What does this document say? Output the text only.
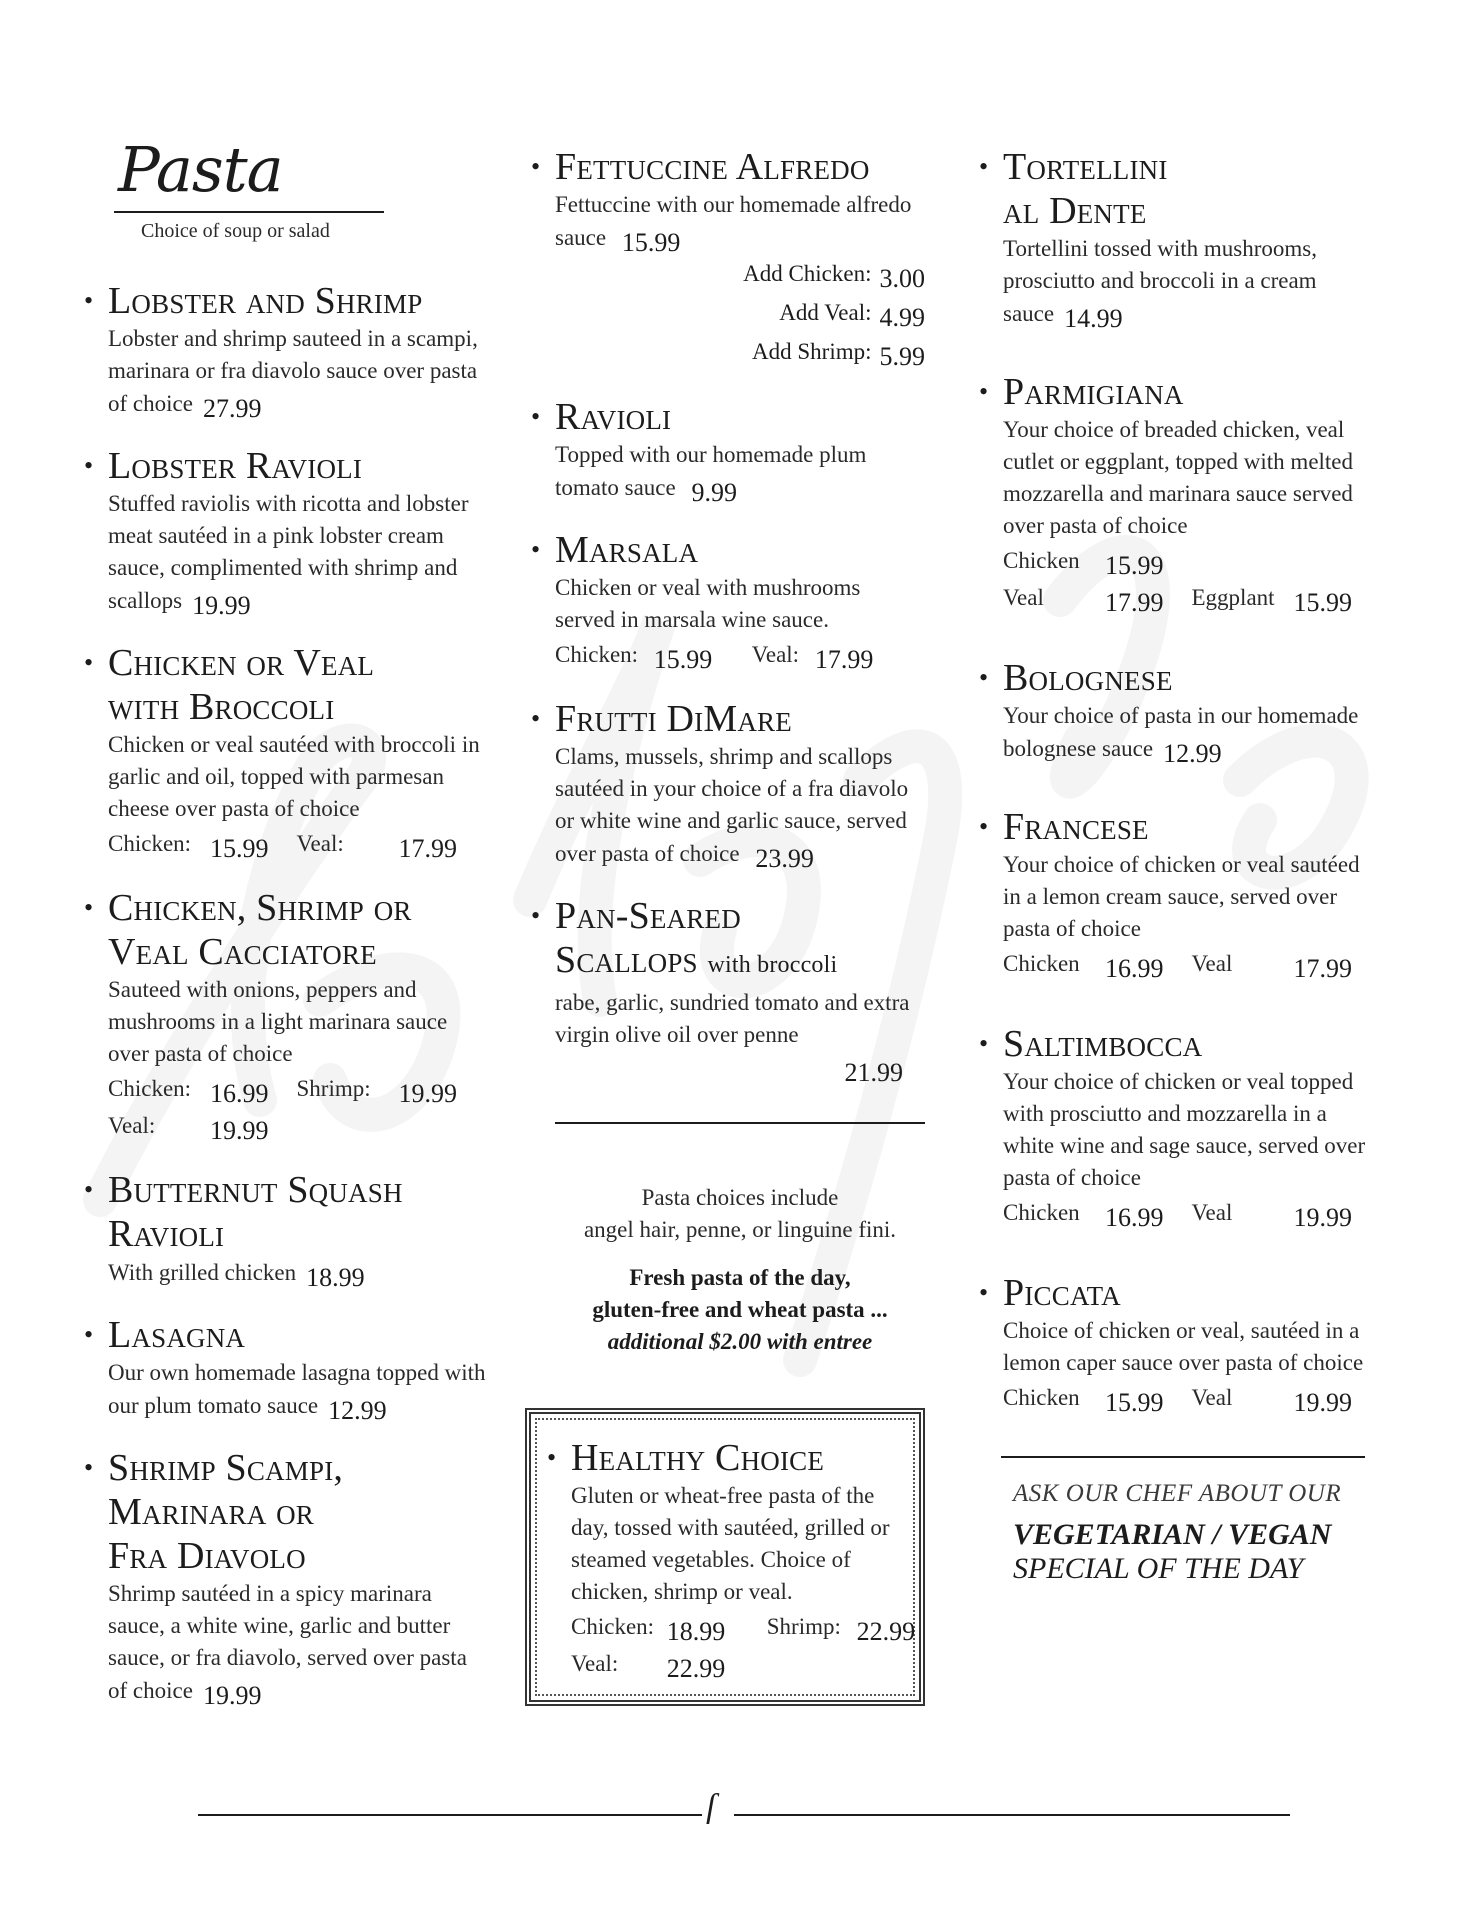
Pasta
Choice of soup or salad
• Lobster and Shrimp
Lobster and shrimp sauteed in a scampi, marinara or fra diavolo sauce over pasta of choice 27.99
• Lobster Ravioli
Stuffed raviolis with ricotta and lobster meat sautéed in a pink lobster cream sauce, complimented with shrimp and scallops 19.99
• Chicken or Veal
with Broccoli
Chicken or veal sautéed with broccoli in garlic and oil, topped with parmesan cheese over pasta of choice
Chicken: 15.99 Veal: 17.99
• Chicken, Shrimp or
Veal Cacciatore
Sauteed with onions, peppers and mushrooms in a light marinara sauce over pasta of choice
Chicken: 16.99 Shrimp: 19.99
Veal: 19.99
• Butternut Squash
Ravioli
With grilled chicken 18.99
• Lasagna
Our own homemade lasagna topped with our plum tomato sauce 12.99
• Shrimp Scampi,
Marinara or
Fra Diavolo
Shrimp sautéed in a spicy marinara sauce, a white wine, garlic and butter sauce, or fra diavolo, served over pasta of choice 19.99
• Fettuccine Alfredo
Fettuccine with our homemade alfredo sauce 15.99
Add Chicken: 3.00
Add Veal: 4.99
Add Shrimp: 5.99
• Ravioli
Topped with our homemade plum tomato sauce 9.99
• Marsala
Chicken or veal with mushrooms served in marsala wine sauce.
Chicken: 15.99 Veal: 17.99
• Frutti DiMare
Clams, mussels, shrimp and scallops sautéed in your choice of a fra diavolo or white wine and garlic sauce, served over pasta of choice 23.99
• Pan-Seared
Scallops with broccoli
rabe, garlic, sundried tomato and extra virgin olive oil over penne
21.99
Pasta choices include
angel hair, penne, or linguine fini.
Fresh pasta of the day,
gluten-free and wheat pasta ...
additional $2.00 with entree
• Healthy Choice
Gluten or wheat-free pasta of the day, tossed with sautéed, grilled or steamed vegetables. Choice of chicken, shrimp or veal.
Chicken: 18.99 Shrimp: 22.99
Veal: 22.99
• Tortellini
al Dente
Tortellini tossed with mushrooms, prosciutto and broccoli in a cream sauce 14.99
• Parmigiana
Your choice of breaded chicken, veal cutlet or eggplant, topped with melted mozzarella and marinara sauce served over pasta of choice
Chicken 15.99
Veal 17.99 Eggplant 15.99
• Bolognese
Your choice of pasta in our homemade bolognese sauce 12.99
• Francese
Your choice of chicken or veal sautéed in a lemon cream sauce, served over pasta of choice
Chicken 16.99 Veal 17.99
• Saltimbocca
Your choice of chicken or veal topped with prosciutto and mozzarella in a white wine and sage sauce, served over pasta of choice
Chicken 16.99 Veal 19.99
• Piccata
Choice of chicken or veal, sautéed in a lemon caper sauce over pasta of choice
Chicken 15.99 Veal 19.99
ASK OUR CHEF ABOUT OUR
VEGETARIAN / VEGAN
SPECIAL OF THE DAY
ſ
